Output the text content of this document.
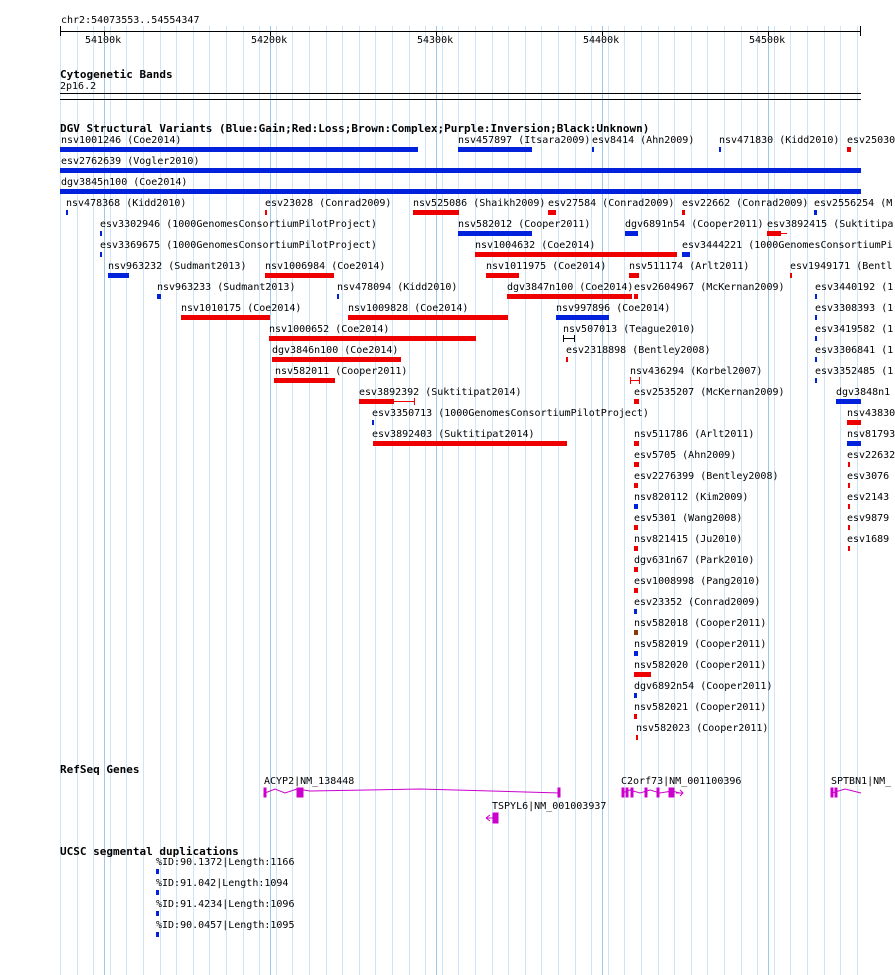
chr2:54073553..54554347
54100k	54200k	54300k	54400k	54500k
Cytogenetic Bands
2p16.2
DGV Structural Variants (Blue:Gain;Red:Loss;Brown:Complex;Purple:Inversion;Black:Unknown)
nsv1001246 (Coe2014)	nsv457897 (Itsara2009) esv8414 (Ahn2009) nsv471830 (Kidd2010) esv25030
esv2762639 (Vogler2010)
dgv3845n100 (Coe2014)
nsv478368 (Kidd2010)	esv23028 (Conrad2009) nsv525086 (Shaikh2009) esv27584 (Conrad2009) esv22662 (Conrad2009) esv2556254 (M
esv3302946 (1000GenomesConsortiumPilotProject)	nsv582012 (Cooper2011)	dgv6891n54 (Cooper2011) esv3892415 (Suktitipa
esv3369675 (1000GenomesConsortiumPilotProject)	nsv1004632 (Coe2014)	esv3444221 (1000GenomesConsortiumPi
nsv963232 (Sudmant2013) nsv1006984 (Coe2014)	nsv1011975 (Coe2014) nsv511174 (Arlt2011)	esv1949171 (Bentl
nsv963233 (Sudmant2013)	nsv478094 (Kidd2010)	dgv3847n100 (Coe2014) esv2604967 (McKernan2009)	esv3440192 (1
nsv1010175 (Coe2014)	nsv1009828 (Coe2014)	nsv997896 (Coe2014)	esv3308393 (1
nsv1000652 (Coe2014)	nsv507013 (Teague2010)	esv3419582 (1
dgv3846n100 (Coe2014)	esv2318898 (Bentley2008)	esv3306841 (1
nsv582011 (Cooper2011)	nsv436294 (Korbel2007)	esv3352485 (1
esv3892392 (Suktitipat2014)	esv2535207 (McKernan2009)	dgv3848n1
esv3350713 (1000GenomesConsortiumPilotProject)	nsv43830
esv3892403 (Suktitipat2014)	nsv511786 (Arlt2011)	nsv81793
esv5705 (Ahn2009)	esv22632
esv2276399 (Bentley2008)	esv3076
nsv820112 (Kim2009)	esv2143
esv5301 (Wang2008)	esv9879
nsv821415 (Ju2010)	esv1689
dgv631n67 (Park2010)
esv1008998 (Pang2010)
esv23352 (Conrad2009)
nsv582018 (Cooper2011)
nsv582019 (Cooper2011)
nsv582020 (Cooper2011)
dgv6892n54 (Cooper2011)
nsv582021 (Cooper2011)
nsv582023 (Cooper2011)
RefSeq Genes
ACYP2|NM_138448
TSPYL6|NM_001003937
C2orf73|NM_001100396	SPTBN1|NM_
UCSC segmental duplications
%ID:90.1372|Length:1166
%ID:91.042|Length:1094
%ID:91.4234|Length:1096
%ID:90.0457|Length:1095
